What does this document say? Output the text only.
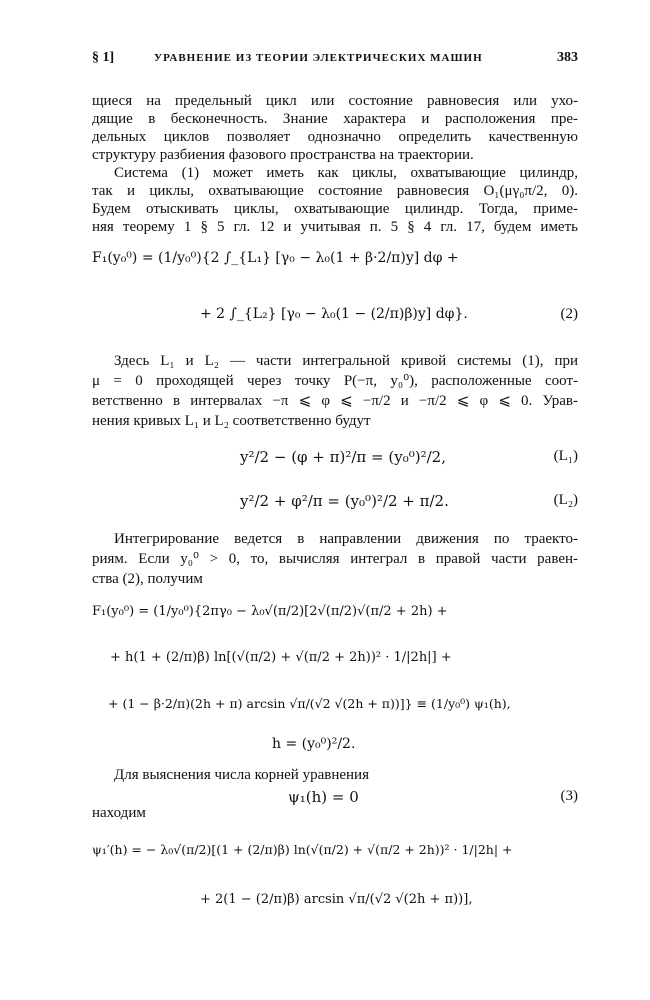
§ 1]	УРАВНЕНИЕ ИЗ ТЕОРИИ ЭЛЕКТРИЧЕСКИХ МАШИН	383
щиеся на предельный цикл или состояние равновесия или ухо-
дящие в бесконечность. Знание характера и расположения пре-
дельных циклов позволяет однозначно определить качественную
структуру разбиения фазового пространства на траектории.
Система (1) может иметь как циклы, охватывающие цилиндр,
так и циклы, охватывающие состояние равновесия O₁(μγ₀π/2, 0).
Будем отыскивать циклы, охватывающие цилиндр. Тогда, приме-
няя теорему 1 § 5 гл. 12 и учитывая п. 5 § 4 гл. 17, будем иметь
F₁(y₀⁰) = (1/y₀⁰){2 ∫_{L₁} [γ₀ − λ₀(1 + β·2/π)y] dφ +
+ 2 ∫_{L₂} [γ₀ − λ₀(1 − (2/π)β)y] dφ}.	(2)
Здесь L₁ и L₂ — части интегральной кривой системы (1), при
μ = 0 проходящей через точку P(−π, y₀⁰), расположенные соот-
ветственно в интервалах −π ⩽ φ ⩽ −π/2 и −π/2 ⩽ φ ⩽ 0. Урав-
нения кривых L₁ и L₂ соответственно будут
y²/2 − (φ + π)²/π = (y₀⁰)²/2,	(L₁)
y²/2 + φ²/π = (y₀⁰)²/2 + π/2.	(L₂)
Интегрирование ведется в направлении движения по траекто-
риям. Если y₀⁰ > 0, то, вычисляя интеграл в правой части равен-
ства (2), получим
F₁(y₀⁰) = (1/y₀⁰){2πγ₀ − λ₀√(π/2)[2√(π/2)√(π/2 + 2h) +
+ h(1 + (2/π)β) ln[(√(π/2) + √(π/2 + 2h))² · 1/|2h|] +
+ (1 − β·2/π)(2h + π) arcsin √π/(√2 √(2h + π))]} ≡ (1/y₀⁰) ψ₁(h),
h = (y₀⁰)²/2.
Для выяснения числа корней уравнения
ψ₁(h) = 0	(3)
находим
ψ₁′(h) = − λ₀√(π/2)[(1 + (2/π)β) ln(√(π/2) + √(π/2 + 2h))² · 1/|2h| +
+ 2(1 − (2/π)β) arcsin √π/(√2 √(2h + π))],
